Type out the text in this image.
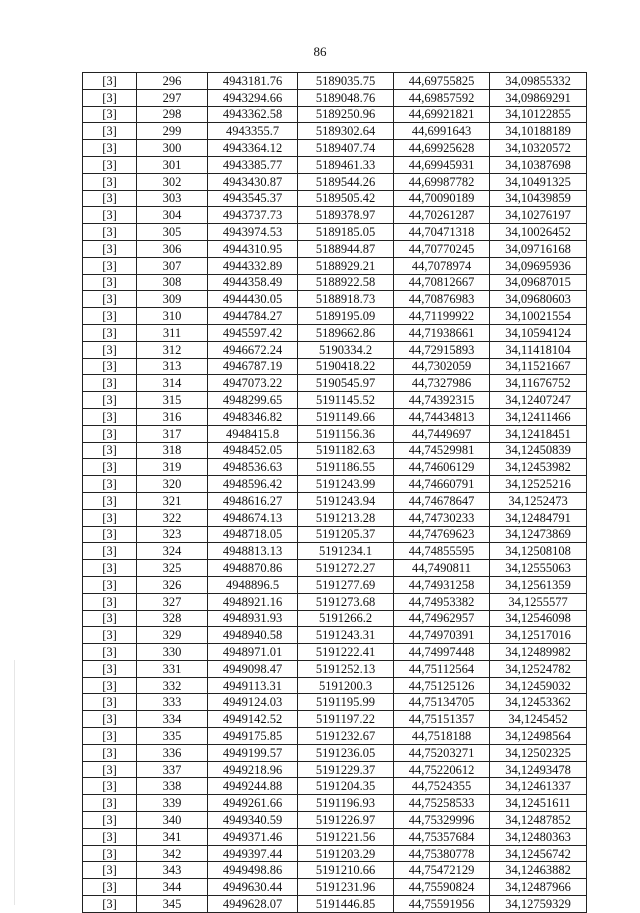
86
[3]	296	4943181.76	5189035.75	44,69755825	34,09855332
[3]	297	4943294.66	5189048.76	44,69857592	34,09869291
[3]	298	4943362.58	5189250.96	44,69921821	34,10122855
[3]	299	4943355.7	5189302.64	44,6991643	34,10188189
[3]	300	4943364.12	5189407.74	44,69925628	34,10320572
[3]	301	4943385.77	5189461.33	44,69945931	34,10387698
[3]	302	4943430.87	5189544.26	44,69987782	34,10491325
[3]	303	4943545.37	5189505.42	44,70090189	34,10439859
[3]	304	4943737.73	5189378.97	44,70261287	34,10276197
[3]	305	4943974.53	5189185.05	44,70471318	34,10026452
[3]	306	4944310.95	5188944.87	44,70770245	34,09716168
[3]	307	4944332.89	5188929.21	44,7078974	34,09695936
[3]	308	4944358.49	5188922.58	44,70812667	34,09687015
[3]	309	4944430.05	5188918.73	44,70876983	34,09680603
[3]	310	4944784.27	5189195.09	44,71199922	34,10021554
[3]	311	4945597.42	5189662.86	44,71938661	34,10594124
[3]	312	4946672.24	5190334.2	44,72915893	34,11418104
[3]	313	4946787.19	5190418.22	44,7302059	34,11521667
[3]	314	4947073.22	5190545.97	44,7327986	34,11676752
[3]	315	4948299.65	5191145.52	44,74392315	34,12407247
[3]	316	4948346.82	5191149.66	44,74434813	34,12411466
[3]	317	4948415.8	5191156.36	44,7449697	34,12418451
[3]	318	4948452.05	5191182.63	44,74529981	34,12450839
[3]	319	4948536.63	5191186.55	44,74606129	34,12453982
[3]	320	4948596.42	5191243.99	44,74660791	34,12525216
[3]	321	4948616.27	5191243.94	44,74678647	34,1252473
[3]	322	4948674.13	5191213.28	44,74730233	34,12484791
[3]	323	4948718.05	5191205.37	44,74769623	34,12473869
[3]	324	4948813.13	5191234.1	44,74855595	34,12508108
[3]	325	4948870.86	5191272.27	44,7490811	34,12555063
[3]	326	4948896.5	5191277.69	44,74931258	34,12561359
[3]	327	4948921.16	5191273.68	44,74953382	34,1255577
[3]	328	4948931.93	5191266.2	44,74962957	34,12546098
[3]	329	4948940.58	5191243.31	44,74970391	34,12517016
[3]	330	4948971.01	5191222.41	44,74997448	34,12489982
[3]	331	4949098.47	5191252.13	44,75112564	34,12524782
[3]	332	4949113.31	5191200.3	44,75125126	34,12459032
[3]	333	4949124.03	5191195.99	44,75134705	34,12453362
[3]	334	4949142.52	5191197.22	44,75151357	34,1245452
[3]	335	4949175.85	5191232.67	44,7518188	34,12498564
[3]	336	4949199.57	5191236.05	44,75203271	34,12502325
[3]	337	4949218.96	5191229.37	44,75220612	34,12493478
[3]	338	4949244.88	5191204.35	44,7524355	34,12461337
[3]	339	4949261.66	5191196.93	44,75258533	34,12451611
[3]	340	4949340.59	5191226.97	44,75329996	34,12487852
[3]	341	4949371.46	5191221.56	44,75357684	34,12480363
[3]	342	4949397.44	5191203.29	44,75380778	34,12456742
[3]	343	4949498.86	5191210.66	44,75472129	34,12463882
[3]	344	4949630.44	5191231.96	44,75590824	34,12487966
[3]	345	4949628.07	5191446.85	44,75591956	34,12759329
